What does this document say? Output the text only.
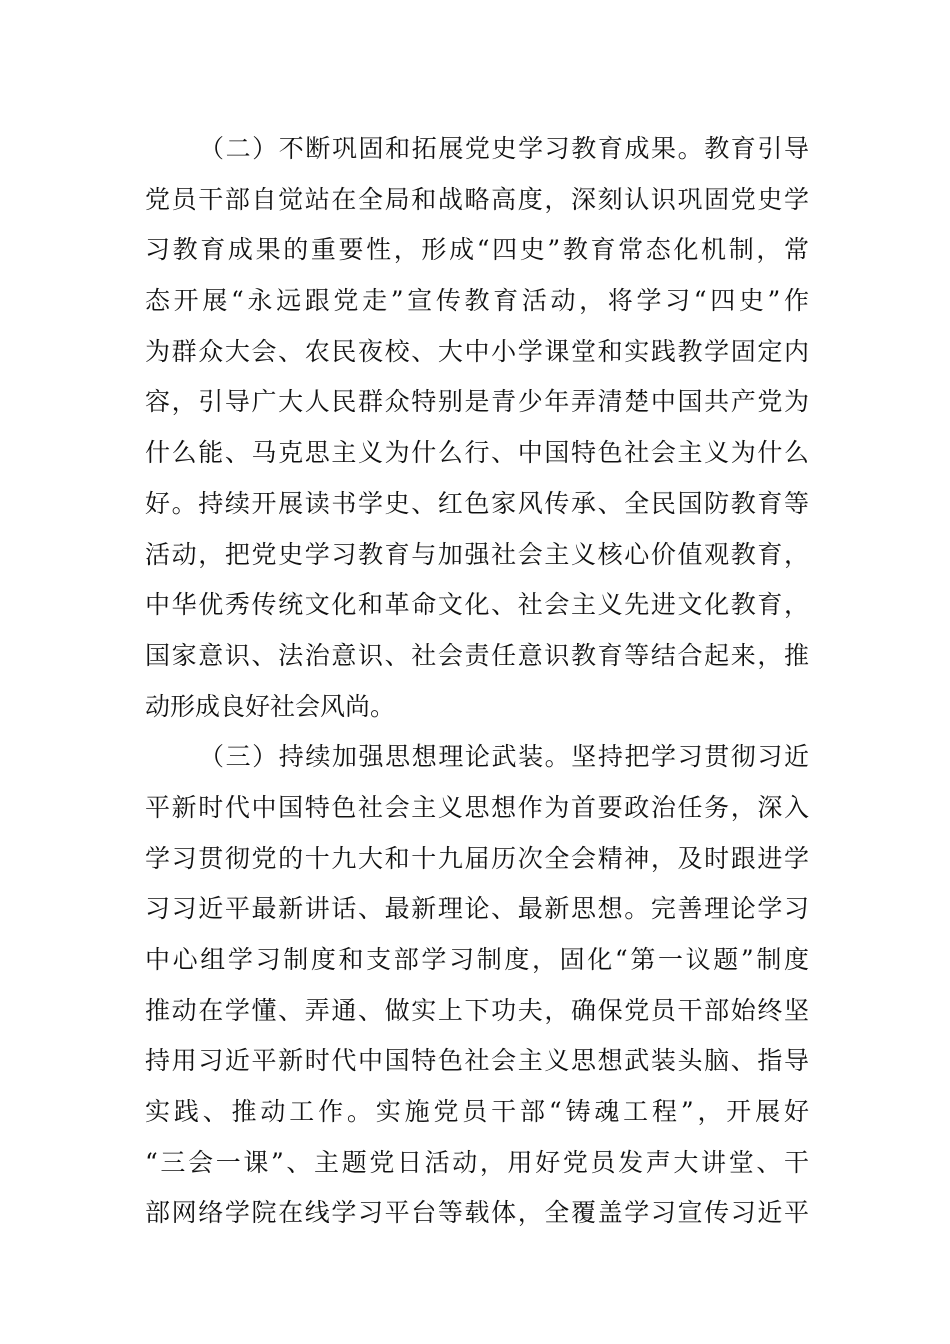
（二）不断巩固和拓展党史学习教育成果。教育引导
党员干部自觉站在全局和战略高度，深刻认识巩固党史学
习教育成果的重要性，形成“四史”教育常态化机制，常
态开展“永远跟党走”宣传教育活动，将学习“四史”作
为群众大会、农民夜校、大中小学课堂和实践教学固定内
容，引导广大人民群众特别是青少年弄清楚中国共产党为
什么能、马克思主义为什么行、中国特色社会主义为什么
好。持续开展读书学史、红色家风传承、全民国防教育等
活动，把党史学习教育与加强社会主义核心价值观教育，
中华优秀传统文化和革命文化、社会主义先进文化教育，
国家意识、法治意识、社会责任意识教育等结合起来，推
动形成良好社会风尚。
（三）持续加强思想理论武装。坚持把学习贯彻习近
平新时代中国特色社会主义思想作为首要政治任务，深入
学习贯彻党的十九大和十九届历次全会精神，及时跟进学
习习近平最新讲话、最新理论、最新思想。完善理论学习
中心组学习制度和支部学习制度，固化“第一议题”制度
推动在学懂、弄通、做实上下功夫，确保党员干部始终坚
持用习近平新时代中国特色社会主义思想武装头脑、指导
实践、推动工作。实施党员干部“铸魂工程”，开展好
“三会一课”、主题党日活动，用好党员发声大讲堂、干
部网络学院在线学习平台等载体，全覆盖学习宣传习近平
